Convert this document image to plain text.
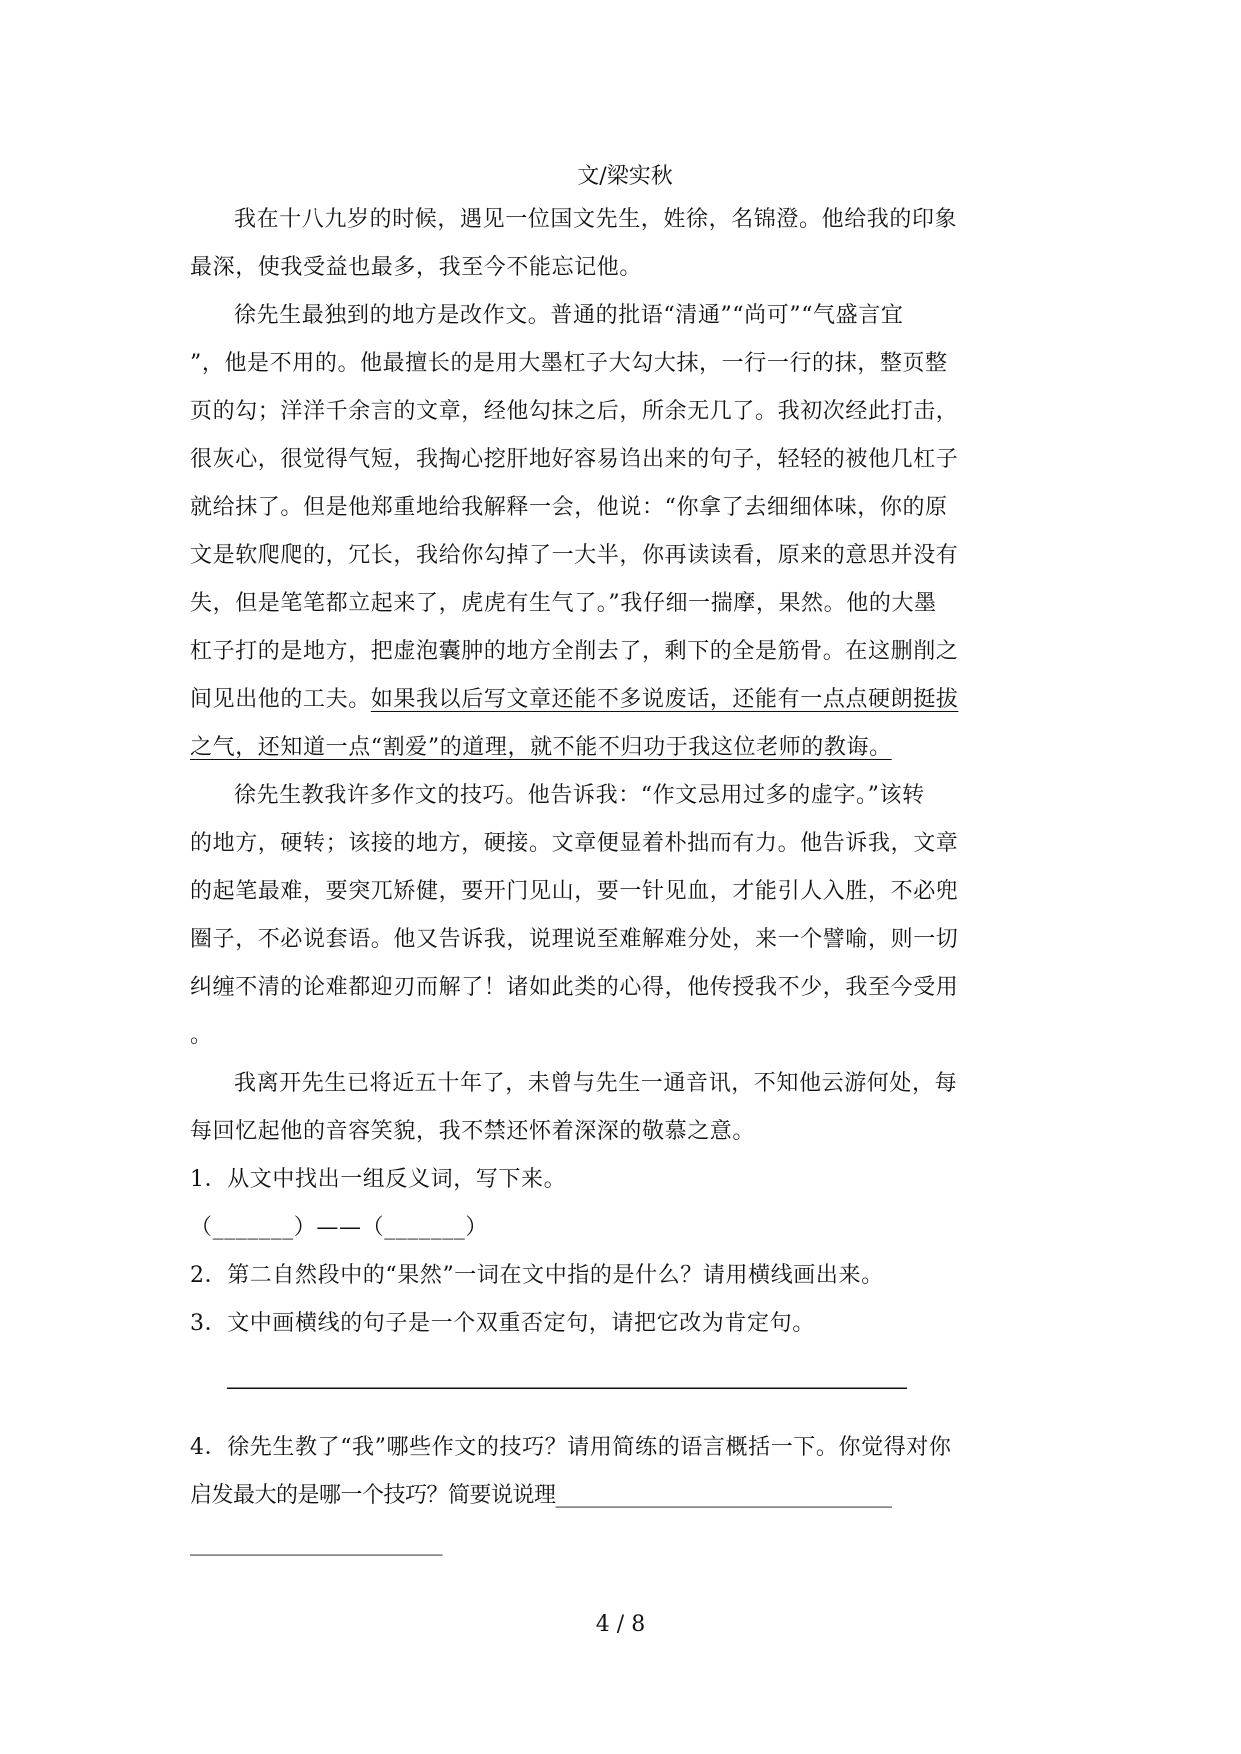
文/梁实秋

我在十八九岁的时候，遇见一位国文先生，姓徐，名锦澄。他给我的印象

最深，使我受益也最多，我至今不能忘记他。

徐先生最独到的地方是改作文。普通的批语“清通”“尚可”“气盛言宜

”，他是不用的。他最擅长的是用大墨杠子大勾大抹，一行一行的抹，整页整

页的勾；洋洋千余言的文章，经他勾抹之后，所余无几了。我初次经此打击，

很灰心，很觉得气短，我掏心挖肝地好容易诌出来的句子，轻轻的被他几杠子

就给抹了。但是他郑重地给我解释一会，他说：“你拿了去细细体味，你的原

文是软爬爬的，冗长，我给你勾掉了一大半，你再读读看，原来的意思并没有

失，但是笔笔都立起来了，虎虎有生气了。”我仔细一揣摩，果然。他的大墨

杠子打的是地方，把虚泡囊肿的地方全削去了，剩下的全是筋骨。在这删削之

间见出他的工夫。如果我以后写文章还能不多说废话，还能有一点点硬朗挺拔

之气，还知道一点“割爱”的道理，就不能不归功于我这位老师的教诲。

徐先生教我许多作文的技巧。他告诉我：“作文忌用过多的虚字。”该转

的地方，硬转；该接的地方，硬接。文章便显着朴拙而有力。他告诉我，文章

的起笔最难，要突兀矫健，要开门见山，要一针见血，才能引人入胜，不必兜

圈子，不必说套语。他又告诉我，说理说至难解难分处，来一个譬喻，则一切

纠缠不清的论难都迎刃而解了！诸如此类的心得，他传授我不少，我至今受用

。

我离开先生已将近五十年了，未曾与先生一通音讯，不知他云游何处，每

每回忆起他的音容笑貌，我不禁还怀着深深的敬慕之意。

1．从文中找出一组反义词，写下来。

（_______）——（_______）

2．第二自然段中的“果然”一词在文中指的是什么？请用横线画出来。

3．文中画横线的句子是一个双重否定句，请把它改为肯定句。

——————————————————————————————————

4．徐先生教了“我”哪些作文的技巧？请用简练的语言概括一下。你觉得对你

启发最大的是哪一个技巧？简要说说理________________________________

________________________

4 / 8
